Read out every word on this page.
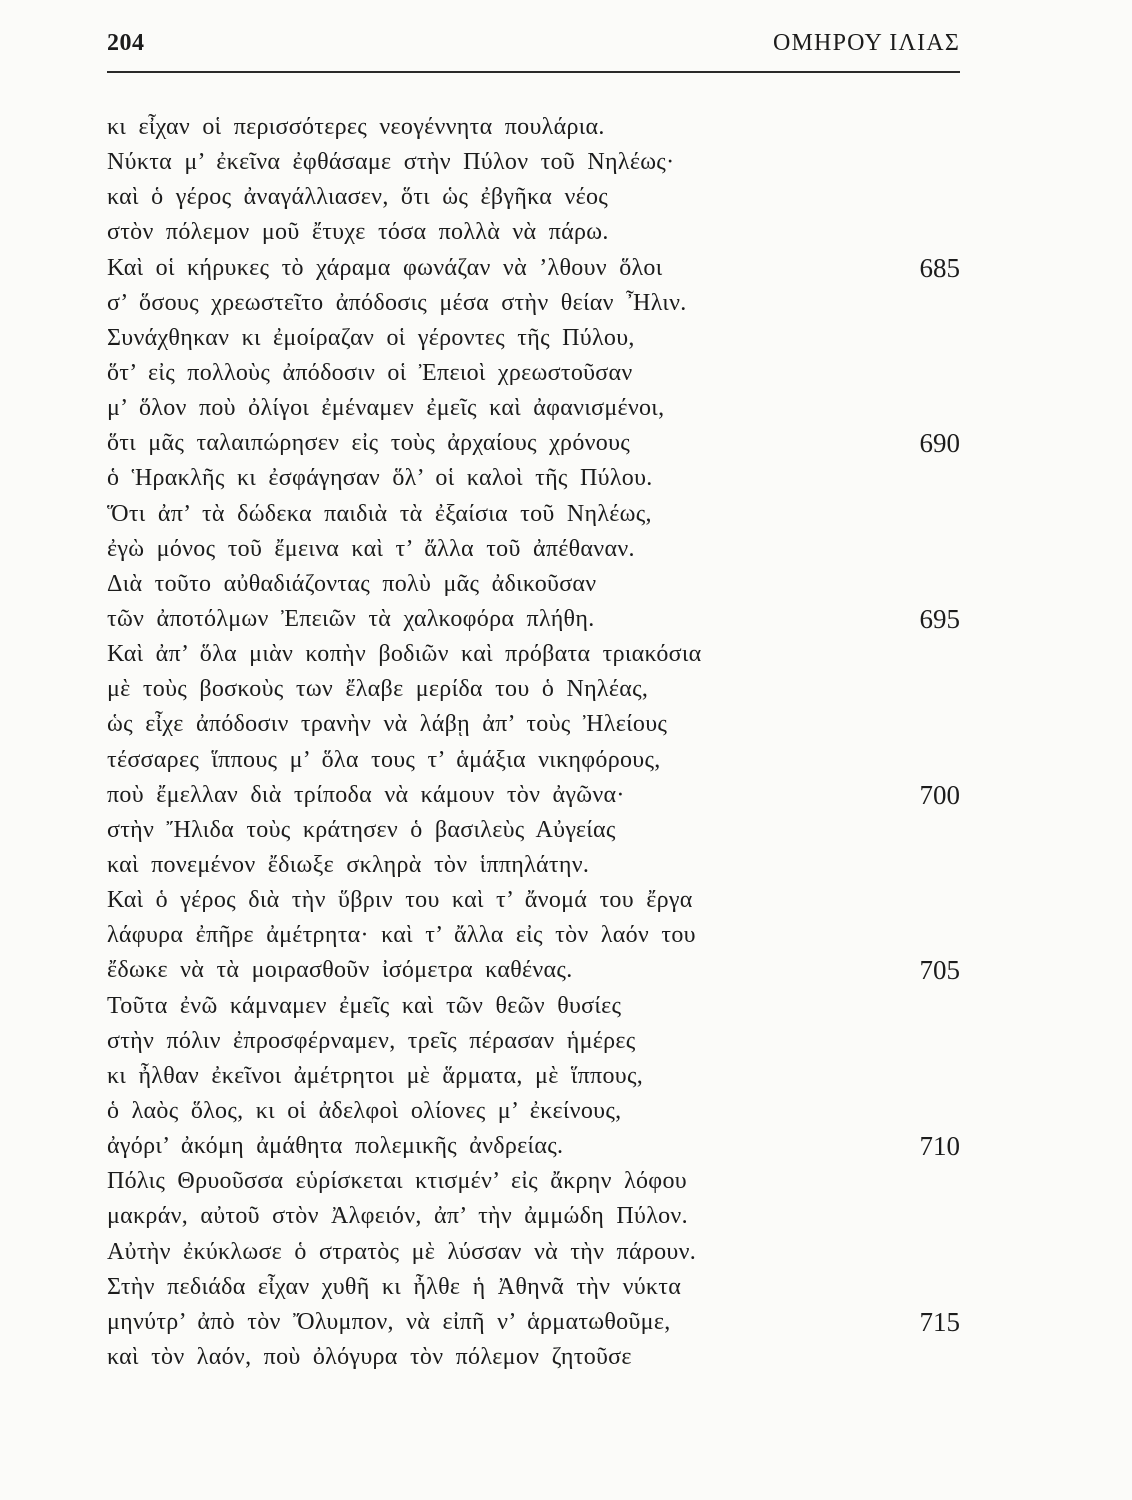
204	ΟΜΗΡΟΥ ΙΛΙΑΣ
κι εἶχαν οἱ περισσότερες νεογέννητα πουλάρια.
Νύκτα μ’ ἐκεῖνα ἐφθάσαμε στὴν Πύλον τοῦ Νηλέως·
καὶ ὁ γέρος ἀναγάλλιασεν, ὅτι ὡς ἐβγῆκα νέος
στὸν πόλεμον μοῦ ἔτυχε τόσα πολλὰ νὰ πάρω.
Καὶ οἱ κήρυκες τὸ χάραμα φωνάζαν νὰ ’λθουν ὅλοι	685
σ’ ὅσους χρεωστεῖτο ἀπόδοσις μέσα στὴν θείαν Ἦλιν.
Συνάχθηκαν κι ἐμοίραζαν οἱ γέροντες τῆς Πύλου,
ὅτ’ εἰς πολλοὺς ἀπόδοσιν οἱ Ἐπειοὶ χρεωστοῦσαν
μ’ ὅλον ποὺ ὀλίγοι ἐμέναμεν ἐμεῖς καὶ ἀφανισμένοι,
ὅτι μᾶς ταλαιπώρησεν εἰς τοὺς ἀρχαίους χρόνους	690
ὁ Ἡρακλῆς κι ἐσφάγησαν ὅλ’ οἱ καλοὶ τῆς Πύλου.
Ὅτι ἀπ’ τὰ δώδεκα παιδιὰ τὰ ἐξαίσια τοῦ Νηλέως,
ἐγὼ μόνος τοῦ ἔμεινα καὶ τ’ ἄλλα τοῦ ἀπέθαναν.
Διὰ τοῦτο αὐθαδιάζοντας πολὺ μᾶς ἀδικοῦσαν
τῶν ἀποτόλμων Ἐπειῶν τὰ χαλκοφόρα πλήθη.	695
Καὶ ἀπ’ ὅλα μιὰν κοπὴν βοδιῶν καὶ πρόβατα τριακόσια
μὲ τοὺς βοσκοὺς των ἔλαβε μερίδα του ὁ Νηλέας,
ὡς εἶχε ἀπόδοσιν τρανὴν νὰ λάβῃ ἀπ’ τοὺς Ἠλείους
τέσσαρες ἵππους μ’ ὅλα τους τ’ ἁμάξια νικηφόρους,
ποὺ ἔμελλαν διὰ τρίποδα νὰ κάμουν τὸν ἀγῶνα·	700
στὴν Ἤλιδα τοὺς κράτησεν ὁ βασιλεὺς Αὐγείας
καὶ πονεμένον ἔδιωξε σκληρὰ τὸν ἱππηλάτην.
Καὶ ὁ γέρος διὰ τὴν ὕβριν του καὶ τ’ ἄνομά του ἔργα
λάφυρα ἐπῆρε ἀμέτρητα· καὶ τ’ ἄλλα εἰς τὸν λαόν του
ἔδωκε νὰ τὰ μοιρασθοῦν ἰσόμετρα καθένας.	705
Τοῦτα ἐνῶ κάμναμεν ἐμεῖς καὶ τῶν θεῶν θυσίες
στὴν πόλιν ἐπροσφέρναμεν, τρεῖς πέρασαν ἡμέρες
κι ἦλθαν ἐκεῖνοι ἀμέτρητοι μὲ ἅρματα, μὲ ἵππους,
ὁ λαὸς ὅλος, κι οἱ ἀδελφοὶ ολίονες μ’ ἐκείνους,
ἀγόρι’ ἀκόμη ἀμάθητα πολεμικῆς ἀνδρείας.	710
Πόλις Θρυοῦσσα εὑρίσκεται κτισμέν’ εἰς ἄκρην λόφου
μακράν, αὐτοῦ στὸν Ἀλφειόν, ἀπ’ τὴν ἀμμώδη Πύλον.
Αὐτὴν ἐκύκλωσε ὁ στρατὸς μὲ λύσσαν νὰ τὴν πάρουν.
Στὴν πεδιάδα εἶχαν χυθῆ κι ἦλθε ἡ Ἀθηνᾶ τὴν νύκτα
μηνύτρ’ ἀπὸ τὸν Ὄλυμπον, νὰ εἰπῆ ν’ ἁρματωθοῦμε,	715
καὶ τὸν λαόν, ποὺ ὀλόγυρα τὸν πόλεμον ζητοῦσε
